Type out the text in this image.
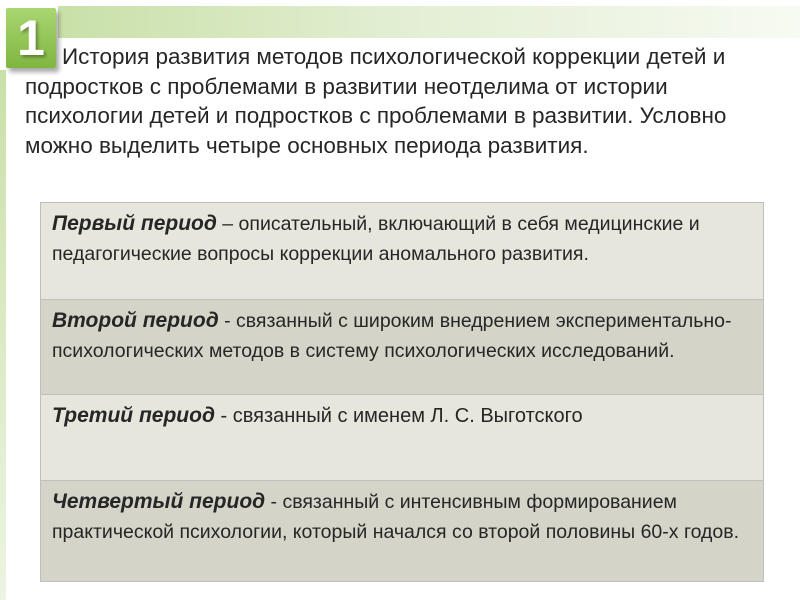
1 История развития методов психологической коррекции детей и подростков с проблемами в развитии неотделима от истории психологии детей и подростков с проблемами в развитии. Условно можно выделить четыре основных периода развития.

Первый период – описательный, включающий в себя медицинские и педагогические вопросы коррекции аномального развития.
Второй период - связанный с широким внедрением экспериментально-психологических методов в систему психологических исследований.
Третий период - связанный с именем Л. С. Выготского
Четвертый период - связанный с интенсивным формированием практической психологии, который начался со второй половины 60-х годов.
